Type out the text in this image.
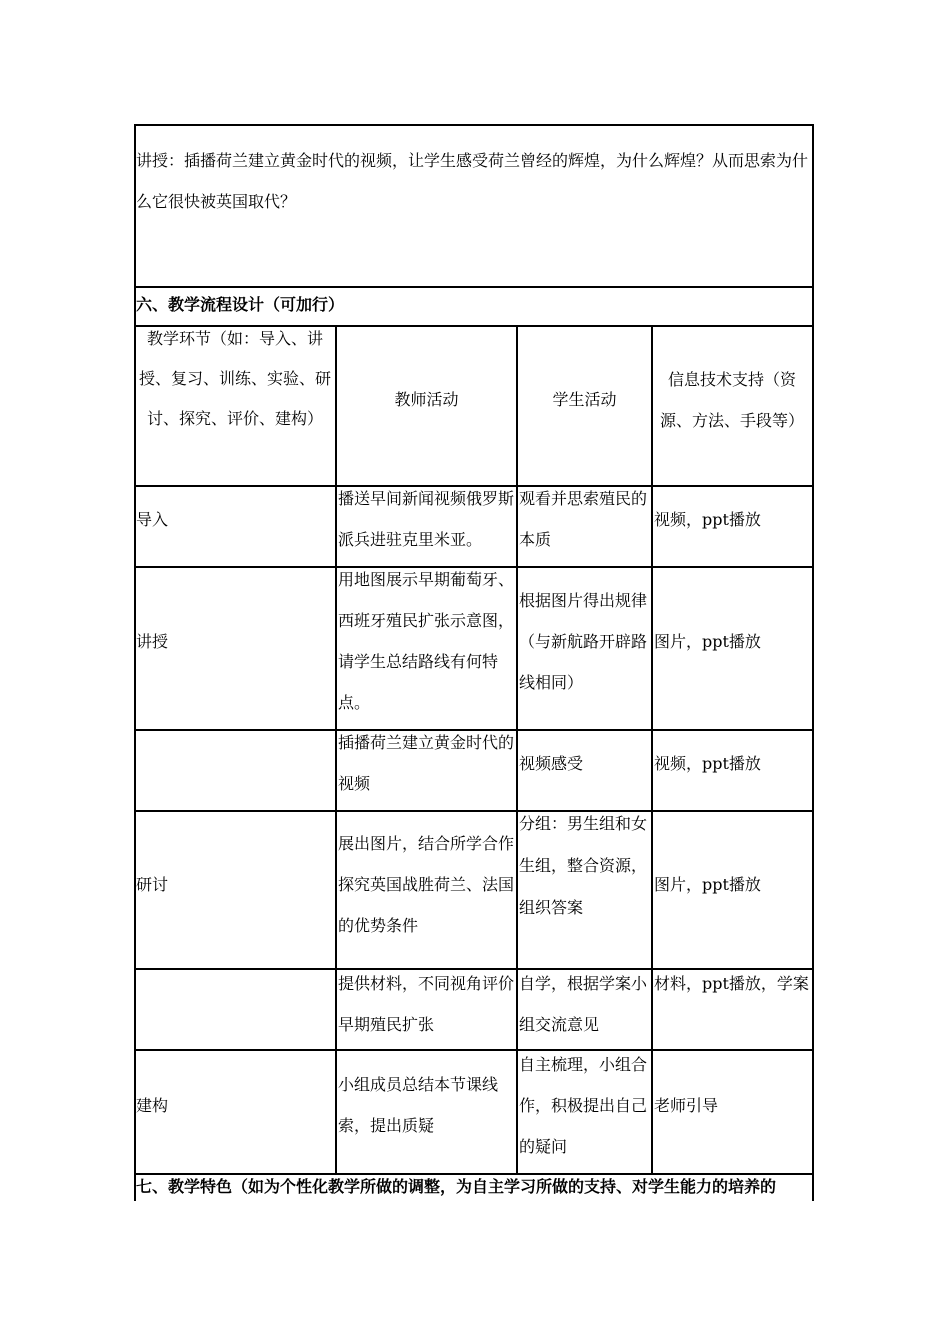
讲授：插播荷兰建立黄金时代的视频，让学生感受荷兰曾经的辉煌，为什么辉煌？从而思索为什么它很快被英国取代？
六、教学流程设计（可加行）
教学环节（如：导入、讲授、复习、训练、实验、研讨、探究、评价、建构）
教师活动	学生活动
信息技术支持（资源、方法、手段等）
导入
播送早间新闻视频俄罗斯派兵进驻克里米亚。
观看并思索殖民的本质
视频，ppt播放
讲授
用地图展示早期葡萄牙、西班牙殖民扩张示意图，请学生总结路线有何特点。
根据图片得出规律（与新航路开辟路线相同）
图片，ppt播放
插播荷兰建立黄金时代的视频
视频感受	视频，ppt播放
研讨
展出图片，结合所学合作探究英国战胜荷兰、法国的优势条件
分组：男生组和女生组，整合资源，组织答案
图片，ppt播放
提供材料，不同视角评价早期殖民扩张
自学，根据学案小组交流意见
材料，ppt播放，学案
建构
小组成员总结本节课线索，提出质疑
自主梳理，小组合作，积极提出自己的疑问
老师引导
七、教学特色（如为个性化教学所做的调整，为自主学习所做的支持、对学生能力的培养的
